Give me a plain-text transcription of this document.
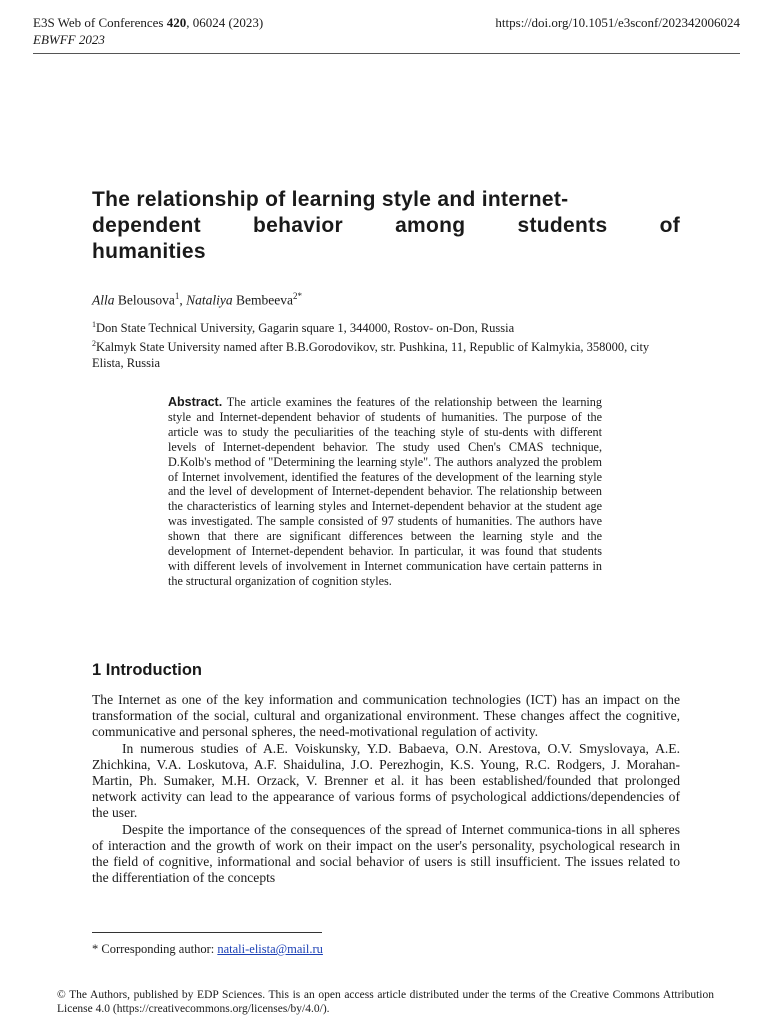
E3S Web of Conferences 420, 06024 (2023)
EBWFF 2023
https://doi.org/10.1051/e3sconf/202342006024
The relationship of learning style and internet-
dependent behavior among students of
humanities
Alla Belousova$^1$, Nataliya Bembeeva$^{2*}$
$^1$Don State Technical University, Gagarin square 1, 344000, Rostov- on-Don, Russia
$^2$Kalmyk State University named after B.B.Gorodovikov, str. Pushkina, 11, Republic of Kalmykia, 358000, city Elista, Russia

Abstract. The article examines the features of the relationship between the learning style and Internet-dependent behavior of students of humanities. The purpose of the article was to study the peculiarities of the teaching style of stu-dents with different levels of Internet-dependent behavior. The study used Chen's CMAS technique, D.Kolb's method of "Determining the learning style". The authors analyzed the problem of Internet involvement, identified the features of the development of the learning style and the level of development of Internet-dependent behavior. The relationship between the characteristics of learning styles and Internet-dependent behavior at the student age was investigated. The sample consisted of 97 students of humanities. The authors have shown that there are significant differences between the learning style and the development of Internet-dependent behavior. In particular, it was found that students with different levels of involvement in Internet communication have certain patterns in the structural organization of cognition styles.

1 Introduction

The Internet as one of the key information and communication technologies (ICT) has an impact on the transformation of the social, cultural and organizational environment. These changes affect the cognitive, communicative and personal spheres, the need-motivational regulation of activity.

In numerous studies of A.E. Voiskunsky, Y.D. Babaeva, O.N. Arestova, O.V. Smyslovaya, A.E. Zhichkina, V.A. Loskutova, A.F. Shaidulina, J.O. Perezhogin, K.S. Young, R.C. Rodgers, J. Morahan-Martin, Ph. Sumaker, M.H. Orzack, V. Brenner et al. it has been established/founded that prolonged network activity can lead to the appearance of various forms of psychological addictions/dependencies of the user.

Despite the importance of the consequences of the spread of Internet communica-tions in all spheres of interaction and the growth of work on their impact on the user's personality, psychological research in the field of cognitive, informational and social behavior of users is still insufficient. The issues related to the differentiation of the concepts

* Corresponding author: natali-elista@mail.ru
© The Authors, published by EDP Sciences. This is an open access article distributed under the terms of the Creative Commons Attribution License 4.0 (https://creativecommons.org/licenses/by/4.0/).
